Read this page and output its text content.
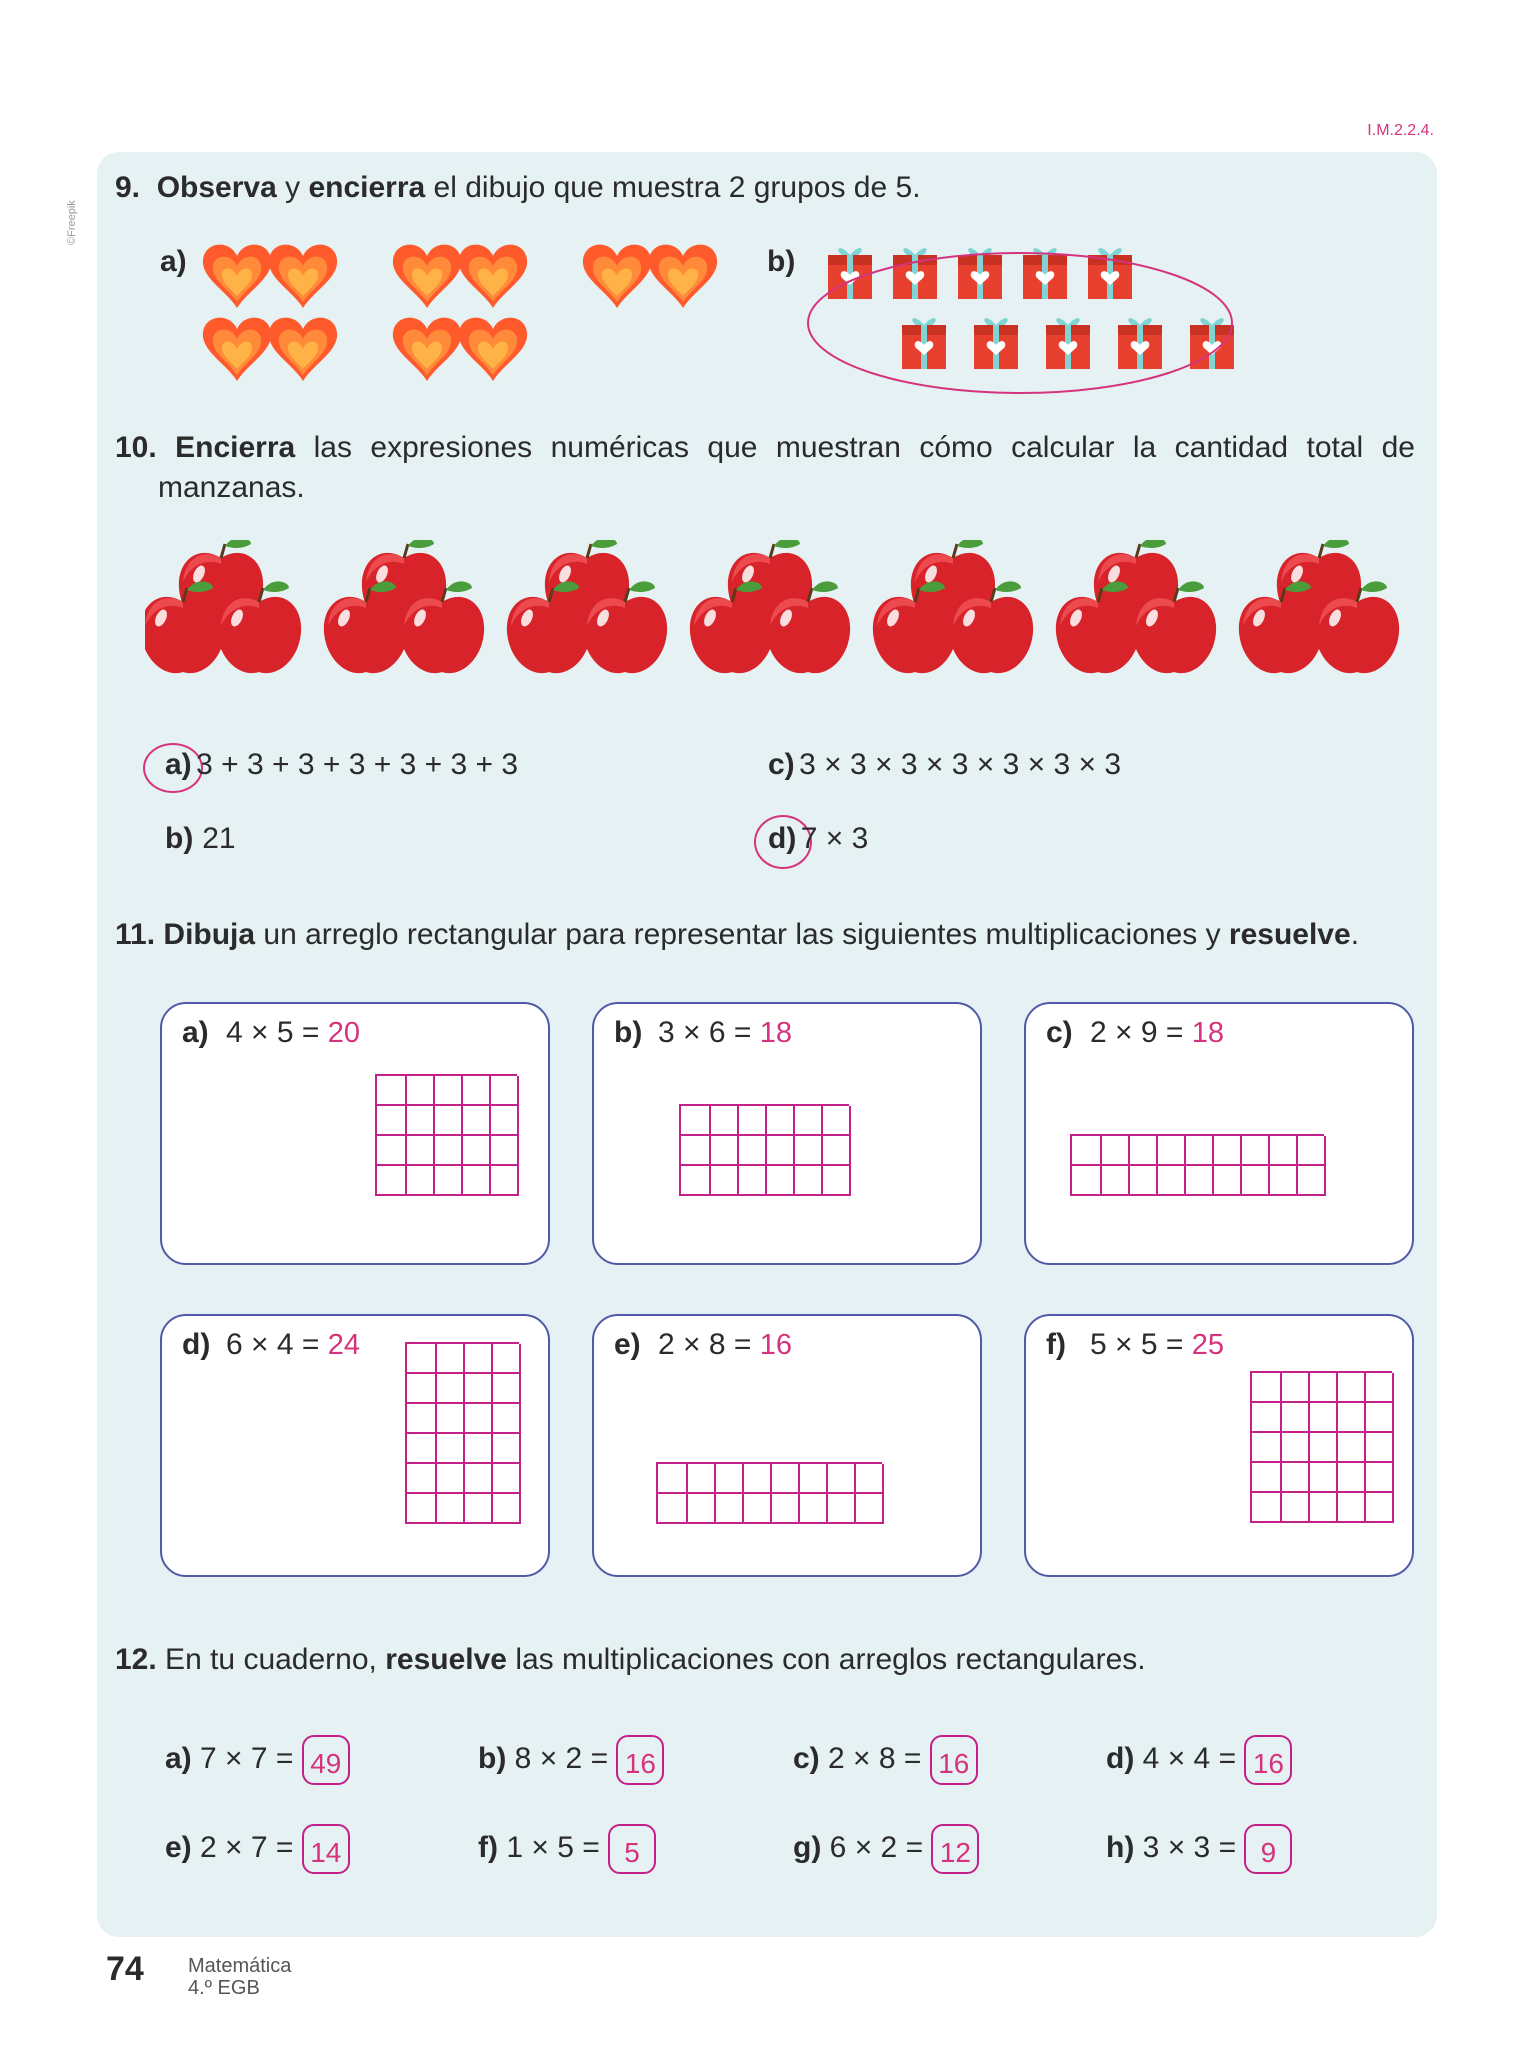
I.M.2.2.4.
©Freepik
9. Observa y encierra el dibujo que muestra 2 grupos de 5.
a)	b)
10. Encierra las expresiones numéricas que muestran cómo calcular la cantidad total de
manzanas.
a) 3 + 3 + 3 + 3 + 3 + 3 + 3
b) 21
c) 3 × 3 × 3 × 3 × 3 × 3 × 3
d) 7 × 3
11. Dibuja un arreglo rectangular para representar las siguientes multiplicaciones y resuelve.
a) 4 × 5 = 20	b) 3 × 6 = 18	c) 2 × 9 = 18
d) 6 × 4 = 24	e) 2 × 8 = 16	f) 5 × 5 = 25
12. En tu cuaderno, resuelve las multiplicaciones con arreglos rectangulares.
a) 7 × 7 = 49	b) 8 × 2 = 16	c) 2 × 8 = 16	d) 4 × 4 = 16
e) 2 × 7 = 14	f) 1 × 5 = 5	g) 6 × 2 = 12	h) 3 × 3 = 9
74 Matemática
4.º EGB
